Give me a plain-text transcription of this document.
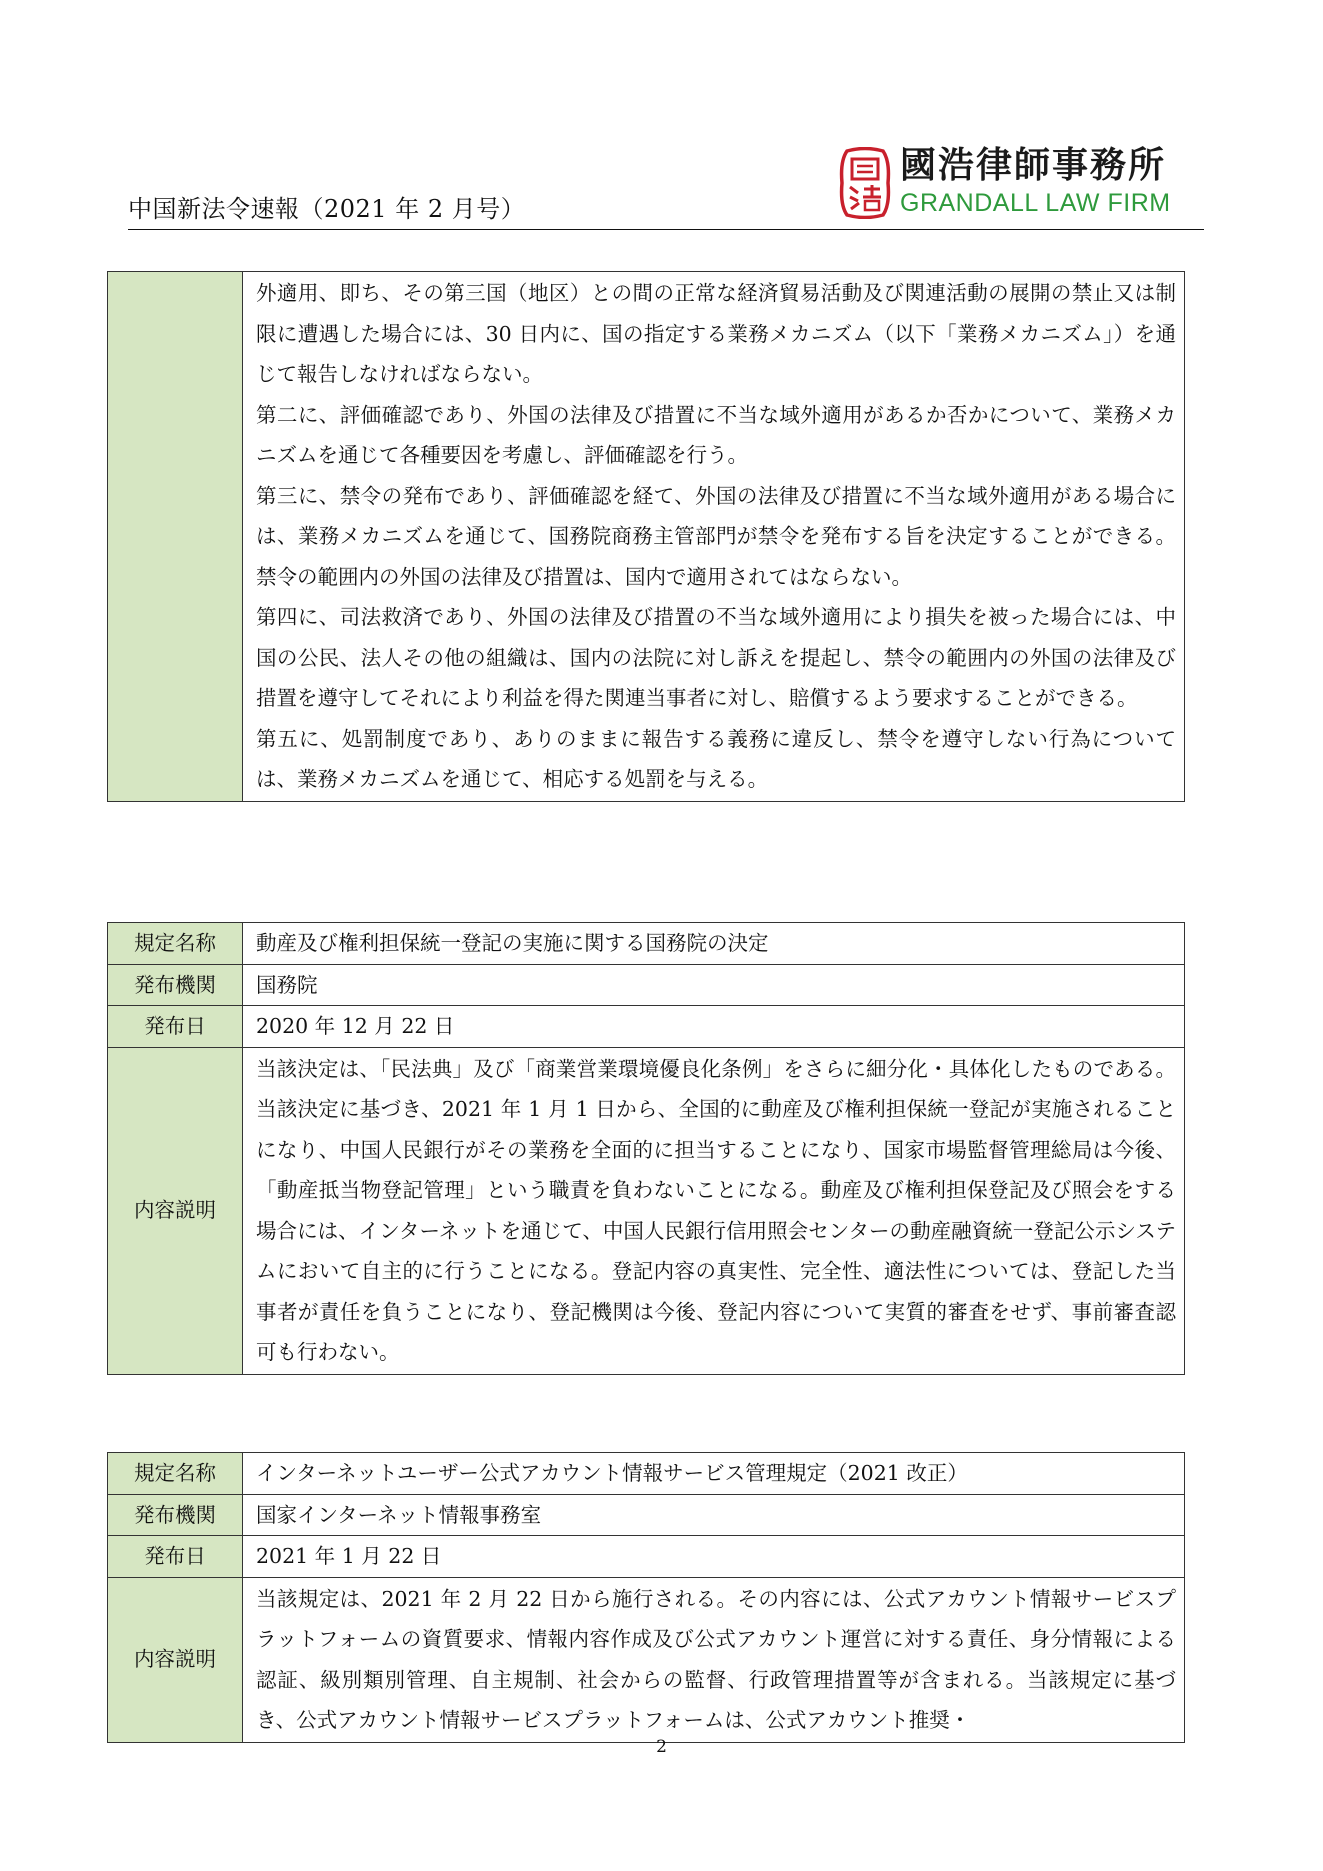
中国新法令速報（2021 年 2 月号）
國浩律師事務所
GRANDALL LAW FIRM

外適用、即ち、その第三国（地区）との間の正常な経済貿易活動及び関連活動の展開の禁止又は制限に遭遇した場合には、30 日内に、国の指定する業務メカニズム（以下「業務メカニズム」）を通じて報告しなければならない。
第二に、評価確認であり、外国の法律及び措置に不当な域外適用があるか否かについて、業務メカニズムを通じて各種要因を考慮し、評価確認を行う。
第三に、禁令の発布であり、評価確認を経て、外国の法律及び措置に不当な域外適用がある場合には、業務メカニズムを通じて、国務院商務主管部門が禁令を発布する旨を決定することができる。禁令の範囲内の外国の法律及び措置は、国内で適用されてはならない。
第四に、司法救済であり、外国の法律及び措置の不当な域外適用により損失を被った場合には、中国の公民、法人その他の組織は、国内の法院に対し訴えを提起し、禁令の範囲内の外国の法律及び措置を遵守してそれにより利益を得た関連当事者に対し、賠償するよう要求することができる。
第五に、処罰制度であり、ありのままに報告する義務に違反し、禁令を遵守しない行為については、業務メカニズムを通じて、相応する処罰を与える。
規定名称	動産及び権利担保統一登記の実施に関する国務院の決定
発布機関	国務院
発布日	2020 年 12 月 22 日
内容説明	当該決定は、「民法典」及び「商業営業環境優良化条例」をさらに細分化・具体化したものである。当該決定に基づき、2021 年 1 月 1 日から、全国的に動産及び権利担保統一登記が実施されることになり、中国人民銀行がその業務を全面的に担当することになり、国家市場監督管理総局は今後、「動産抵当物登記管理」という職責を負わないことになる。動産及び権利担保登記及び照会をする場合には、インターネットを通じて、中国人民銀行信用照会センターの動産融資統一登記公示システムにおいて自主的に行うことになる。登記内容の真実性、完全性、適法性については、登記した当事者が責任を負うことになり、登記機関は今後、登記内容について実質的審査をせず、事前審査認可も行わない。
規定名称	インターネットユーザー公式アカウント情報サービス管理規定（2021 改正）
発布機関	国家インターネット情報事務室
発布日	2021 年 1 月 22 日
内容説明	当該規定は、2021 年 2 月 22 日から施行される。その内容には、公式アカウント情報サービスプラットフォームの資質要求、情報内容作成及び公式アカウント運営に対する責任、身分情報による認証、級別類別管理、自主規制、社会からの監督、行政管理措置等が含まれる。当該規定に基づき、公式アカウント情報サービスプラットフォームは、公式アカウント推奨・
2
